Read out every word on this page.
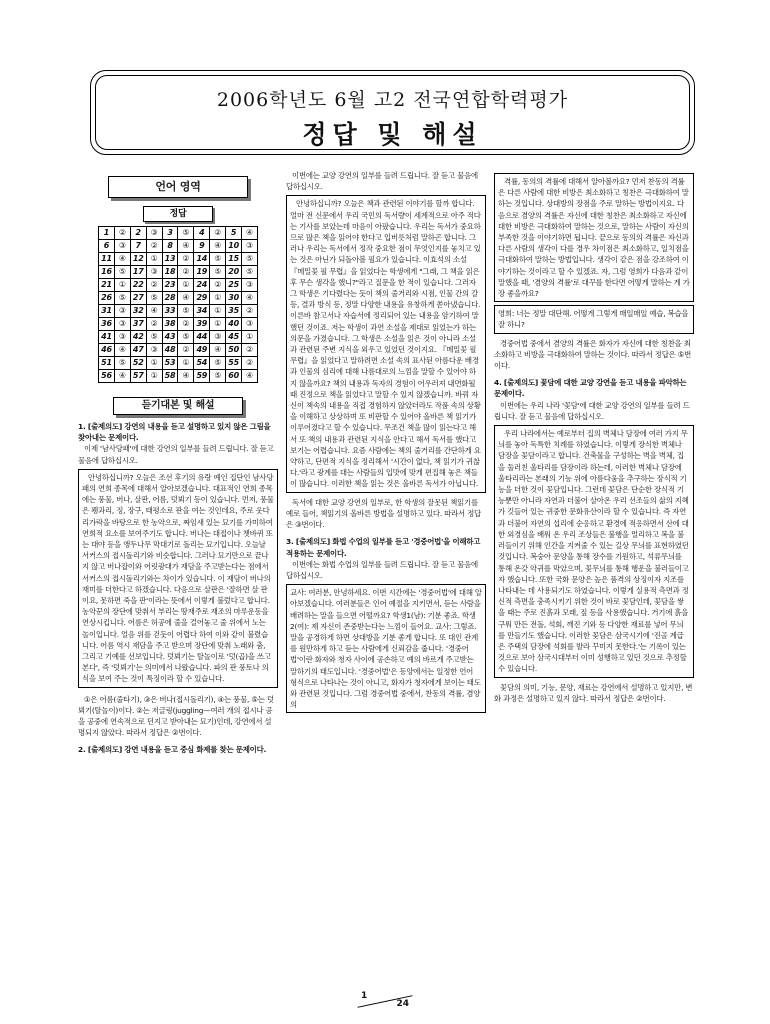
2006학년도 6월 고2 전국연합학력평가
정답 및 해설
언어 영역
정답
1	②	2	③	3	⑤	4	②	5	④
6	③	7	②	8	④	9	④	10	③
11	④	12	①	13	②	14	⑤	15	⑤
16	⑤	17	③	18	②	19	⑤	20	⑤
21	①	22	②	23	①	24	②	25	③
26	⑤	27	⑤	28	④	29	①	30	④
31	③	32	④	33	⑤	34	①	35	②
36	③	37	②	38	②	39	①	40	③
41	③	42	⑤	43	⑤	44	③	45	①
46	④	47	③	48	②	49	④	50	②
51	⑤	52	①	53	①	54	⑤	55	②
56	④	57	①	58	④	59	⑤	60	④
듣기대본 및 해설

1. [출제의도] 강연의 내용을 듣고 설명하고 있지 않은 그림을 찾아내는 문제이다.

이제 '남사당패'에 대한 강연의 일부를 들려 드립니다. 잘 듣고 물음에 답하십시오.

안녕하십니까? 오늘은 조선 후기의 유랑 예인 집단인 남사당패의 연희 종목에 대해서 알아보겠습니다. 대표적인 연희 종목에는 풍물, 버나, 살판, 어름, 덧뵈기 등이 있습니다. 먼저, 풍물은 꽹과리, 징, 장구, 태평소로 판을 여는 것인데요, 주로 웃다리가락을 바탕으로 한 농악으로, 짜임새 있는 묘기를 가미하여 연희적 요소를 보여주기도 합니다. 버나는 대접이나 쳇바퀴 또는 대야 등을 앵두나무 막대기로 돌리는 묘기입니다. 오늘날 서커스의 접시돌리기와 비슷합니다. 그러나 묘기만으로 끝나지 않고 버나잡이와 어릿광대가 재담을 주고받는다는 점에서 서커스의 접시돌리기와는 차이가 있습니다. 이 재담이 버나의 재미를 더한다고 하겠습니다. 다음으로 살판은 '잘하면 살 판이요, 못하면 죽을 판'이라는 뜻에서 이렇게 불렀다고 합니다. 농악꾼의 장단에 맞춰서 부리는 땅재주로 재조의 마루운동을 연상시킵니다. 어름은 허공에 줄을 걸어놓고 줄 위에서 노는 놀이입니다. 얼음 위를 걷듯이 어렵다 하여 이와 같이 불렸습니다. 어름 역시 재담을 주고 받으며 장단에 맞춰 노래와 춤, 그리고 기예를 선보입니다. 덧뵈기는 탈놀이로 '덧(곱)을 쓰고 본다', 즉 '덧뵈기'는 의미에서 나왔습니다. 파의 판 풍토나 의식을 보여 주는 것이 특징이라 할 수 있습니다.

①은 어름(줄타기), ③은 버나(접시돌리기), ④는 풍물, ⑤는 덧뵈기(탈놀이)이다. ②는 저글링(juggling—여러 개의 접시나 공을 공중에 연속적으로 던지고 받아내는 묘기)인데, 강연에서 설명되지 않았다. 따라서 정답은 ②번이다.

2. [출제의도] 강연 내용을 듣고 중심 화제를 찾는 문제이다.

이번에는 교양 강연의 일부를 들려 드립니다. 잘 듣고 물음에 답하십시오.

안녕하십니까? 오늘은 책과 관련된 이야기를 할까 합니다. 얼마 전 신문에서 우리 국민의 독서량이 세계적으로 아주 적다는 기사를 보았는데 마음이 아팠습니다. 우리는 독서가 중요하므로 많은 책을 읽어야 한다고 입버릇처럼 말하곤 합니다. 그러나 우리는 독서에서 정작 중요한 점이 무엇인지를 놓치고 있는 것은 아닌가 되돌아볼 필요가 있습니다. 이효석의 소설 『메밀꽃 필 무렵』을 읽었다는 학생에게 "그래, 그 책을 읽은 후 무슨 생각을 했니?"라고 질문을 한 적이 있습니다. 그러자 그 학생은 기다렸다는 듯이 책의 줄거리와 시점, 인물 간의 갈등, 결과 방식 등, 정말 다양한 내용을 유창하게 쏟아냈습니다. 이른바 참고서나 자습서에 정리되어 있는 내용을 암기하여 말했던 것이죠. 저는 학생이 과연 소설을 제대로 읽었는가 하는 의문을 가졌습니다. 그 학생은 소설을 읽은 것이 아니라 소설과 관련된 주변 지식을 외우고 있었던 것이지요. 『메밀꽃 필 무렵』을 읽었다고 말하려면 소설 속의 표사된 아름다운 배경과 인물의 심리에 대해 나름대로의 느낌을 말할 수 있어야 하지 않을까요? 책의 내용과 독자의 경험이 어우러져 내면화될 때 진정으로 책을 읽었다고 말할 수 있지 않겠습니까. 바꿔 자신이 책속의 내용을 직접 경험하지 않았더라도 작품 속의 상황을 이해하고 상상하며 또 비판할 수 있어야 올바른 책 읽기가 이루어졌다고 할 수 있습니다. 무조건 책을 많이 읽는다고 해서 또 책의 내용과 관련된 지식을 안다고 해서 독서를 했다고 보기는 어렵습니다. 요즘 사람에는 책의 줄거리를 간단하게 요약하고, 단편적 지식을 정리해서 '시간이 없다, 책 읽기가 귀찮다.'라고 광계를 대는 사람들의 입맛에 맞게 편집해 놓은 책들이 많습니다. 이러한 책을 읽는 것은 올바른 독서가 아닙니다.

독서에 대한 교양 강연의 일부로, 한 학생의 잘못된 책읽기를 예로 들어, 책읽기의 올바른 방법을 설명하고 있다. 따라서 정답은 ③번이다.

3. [출제의도] 화법 수업의 일부를 듣고 '경중어법'을 이해하고 적용하는 문제이다.

이번에는 화법 수업의 일부를 들려 드립니다. 잘 듣고 물음에 답하십시오.

교사: 여러분, 안녕하세요. 이번 시간에는 '경중어법'에 대해 알아보겠습니다. 여러분들은 인어 예절을 지키면서, 듣는 사람을 배려하는 말을 들으면 어떨까요? 학생1(남): 기분 좋죠. 학생2(여): 제 자신이 존중받는다는 느낌이 들어요. 교사: 그렇죠. 말을 공경하게 하면 상대방을 기분 좋게 합니다. 또 대인 관계를 원만하게 하고 듣는 사람에게 신뢰감을 줍니다. '경중어법'이란 화자와 청자 사이에 공손하고 예의 바르게 주고받는 말하기의 태도입니다. '경중어법'은 동양에서는 일정한 언어 형식으로 나타나는 것이 아니고, 화자가 청자에게 보이는 태도와 관련된 것입니다. 그럼 경중어법 중에서, 찬동의 격률, 겸양의
격률, 동의의 격률에 대해서 알아볼까요? 먼저 찬동의 격률은 다른 사람에 대한 비방은 최소화하고 칭찬은 극대화하여 말하는 것입니다. 상대방의 장점을 주로 말하는 방법이지요. 다음으로 겸양의 격률은 자신에 대한 칭찬은 최소화하고 자신에 대한 비방은 극대화하여 말하는 것으로, 말하는 사람이 자신의 부족한 것을 이야기하면 됩니다. 끝으로 동의의 격률은 자신과 다른 사람의 생각이 다를 경우 차이점은 최소화하고, 일치점을 극대화하여 말하는 방법입니다. 생각이 같은 점을 강조하여 이야기하는 것이라고 할 수 있겠죠. 자, 그럼 영희가 다음과 같이 말했을 때, '겸양의 격률'로 대꾸를 한다면 어떻게 말하는 게 가장 좋을까요?
영희: 너는 정말 대단해. 어떻게 그렇게 매일매일 예습, 복습을 잘 하니?

경중어법 중에서 겸양의 격률은 화자가 자신에 대한 칭찬을 최소화하고 비방을 극대화하여 말하는 것이다. 따라서 정답은 ⑤번이다.

4. [출제의도] 꽃담에 대한 교양 강연을 듣고 내용을 파악하는 문제이다.

이번에는 우리 나라 '꽃담'에 대한 교양 강연의 일부를 들려 드립니다. 잘 듣고 물음에 답하십시오.

우리 나라에서는 예로부터 집의 벽체나 담장에 여러 가지 무늬를 놓아 독특한 치례를 하였습니다. 이렇게 장식한 벽체나 담장을 꽃담이라고 합니다. 건축물을 구성하는 벽을 벽체, 집을 둘러친 울타리를 담장이라 하는데, 이러한 벽체나 담장에 울타리라는 본래의 기능 위에 아름다움을 추구하는 장식적 기능을 더한 것이 꽃담입니다. 그런데 꽃담은 단순한 장식적 기능뿐만 아니라 자연과 더불어 살아온 우리 선조들의 삶의 지혜가 깃들어 있는 귀중한 문화유산이라 할 수 있습니다. 즉 자연과 더불어 자연의 섭리에 순응하고 환경에 적응하면서 산에 대한 외경심을 배워 온 우리 조상들은 불행을 멀리하고 복을 불러들이기 위해 인간을 지켜줄 수 있는 길상 무늬를 표현하였던 것입니다. 복숭아 문양을 통해 장수를 기원하고, 석류무늬를 통해 온갖 악귀를 막았으며, 꽃무늬를 통해 행운을 불러들이고자 했습니다. 또한 국화 문양은 높은 품격의 상징이자 지조를 나타내는 데 사용되기도 하였습니다. 이렇게 실용적 측면과 정신적 측면을 충족시키기 위한 것이 바로 꽃담인데, 꽃담을 쌓을 때는 주로 진흙과 모래, 짚 등을 사용했습니다. 거기에 흙을 구워 만든 전돌, 석회, 깨진 기와 등 다양한 재료를 넣어 무늬를 만들기도 했습니다. 이러한 꽃담은 삼국시기에 '진골 계급은 주택의 담장에 석회를 발라 꾸미지 못한다.'는 기록이 있는 것으로 보아 삼국시대부터 이미 성행하고 있던 것으로 추정할 수 있습니다.

꽃담의 의미, 기능, 문양, 재료는 강연에서 설명하고 있지만, 변화 과정은 설명하고 있지 않다. 따라서 정답은 ②번이다.

1
24
